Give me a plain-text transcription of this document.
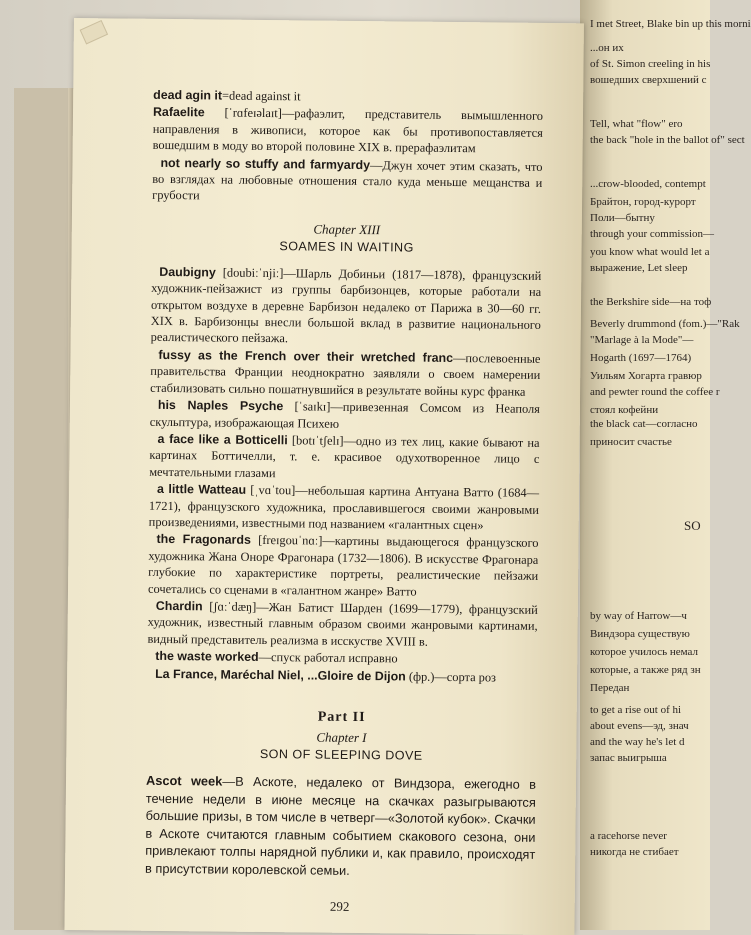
I met Street, Blake bin up this morni
...он их
of St. Simon creeling in his
вошедших сверхшений с
Tell, what "flow" ero
the back "hole in the ballot of" sect
...crow-blooded, contempt
Брайтон, город-курорт
Поли—бытну
through your commission—
you know what would let a
выражение, Let sleep
the Berkshire side—на тоф
Beverly drummond (fom.)—"Rak
"Marlage à la Mode"—
Hogarth (1697—1764)
Уильям Хогарта гравюр
and pewter round the coffee r
стоял кофейни
the black cat—согласно
приносит счастье
SO
by way of Harrow—ч
Виндзора существую
которое училось немал
которые, а также ряд зн
Передан
to get a rise out of hi
about evens—эд, знач
and the way he's let d
запас выигрыша
a racehorse never
никогда не стибает

dead agin it=dead against it

Rafaelite [ˈrɑfeɪəlaɪt]—рафаэлит, представитель вымышленного направления в живописи, которое как бы противопоставляется вошедшим в моду во второй половине XIX в. прерафаэлитам

not nearly so stuffy and farmyardy—Джун хочет этим сказать, что во взглядах на любовные отношения стало куда меньше мещанства и грубости

Chapter XIII
SOAMES IN WAITING

Daubigny [doubiːˈnjiː]—Шарль Добиньи (1817—1878), французский художник-пейзажист из группы барбизонцев, которые работали на открытом воздухе в деревне Барбизон недалеко от Парижа в 30—60 гг. XIX в. Барбизонцы внесли большой вклад в развитие национального реалистического пейзажа.

fussy as the French over their wretched franc—послевоенные правительства Франции неоднократно заявляли о своем намерении стабилизовать сильно пошатнувшийся в результате войны курс франка

his Naples Psyche [ˈsaɪkɪ]—привезенная Сомсом из Неаполя скульптура, изображающая Психею

a face like a Botticelli [botɪˈtʃelɪ]—одно из тех лиц, какие бывают на картинах Боттичелли, т. е. красивое одухотворенное лицо с мечтательными глазами

a little Watteau [ˌvɑˈtou]—небольшая картина Антуана Ватто (1684—1721), французского художника, прославившегося своими жанровыми произведениями, известными под названием «галантных сцен»

the Fragonards [freɪgouˈnɑː]—картины выдающегося французского художника Жана Оноре Фрагонара (1732—1806). В искусстве Фрагонара глубокие по характеристике портреты, реалистические пейзажи сочетались со сценами в «галантном жанре» Ватто

Chardin [ʃɑːˈdæŋ]—Жан Батист Шарден (1699—1779), французский художник, известный главным образом своими жанровыми картинами, видный представитель реализма в исскустве XVIII в.

the waste worked—спуск работал исправно

La France, Maréchal Niel, ...Gloire de Dijon (фр.)—сорта роз

Part II
Chapter I
SON OF SLEEPING DOVE

Ascot week—В Аскоте, недалеко от Виндзора, ежегодно в течение недели в июне месяце на скачках разыгрываются большие призы, в том числе в четверг—«Золотой кубок». Скачки в Аскоте считаются главным событием скакового сезона, они привлекают толпы нарядной публики и, как правило, происходят в присутствии королевской семьи.

292
